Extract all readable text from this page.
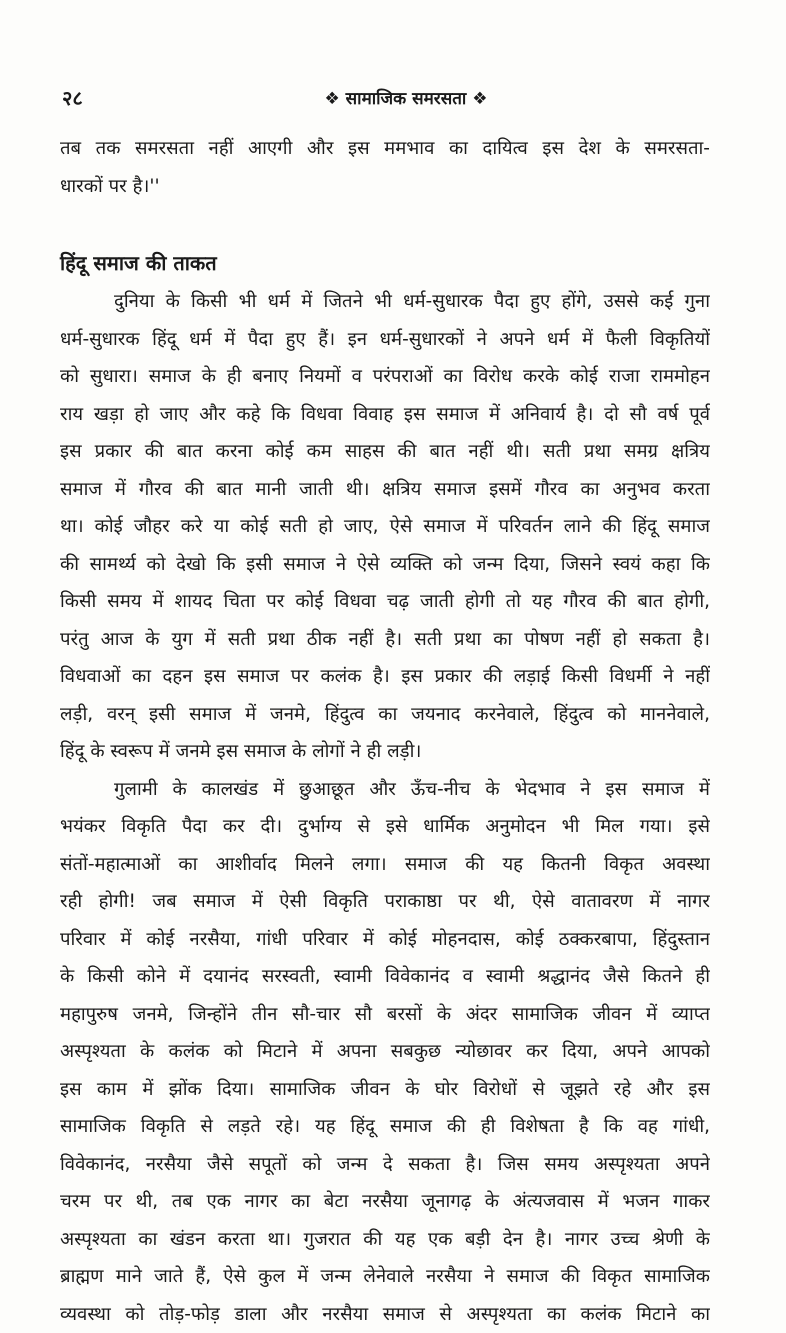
२८	❖ सामाजिक समरसता ❖
तब तक समरसता नहीं आएगी और इस ममभाव का दायित्व इस देश के समरसता-
धारकों पर है।''
हिंदू समाज की ताकत
दुनिया के किसी भी धर्म में जितने भी धर्म-सुधारक पैदा हुए होंगे, उससे कई गुना
धर्म-सुधारक हिंदू धर्म में पैदा हुए हैं। इन धर्म-सुधारकों ने अपने धर्म में फैली विकृतियों
को सुधारा। समाज के ही बनाए नियमों व परंपराओं का विरोध करके कोई राजा राममोहन
राय खड़ा हो जाए और कहे कि विधवा विवाह इस समाज में अनिवार्य है। दो सौ वर्ष पूर्व
इस प्रकार की बात करना कोई कम साहस की बात नहीं थी। सती प्रथा समग्र क्षत्रिय
समाज में गौरव की बात मानी जाती थी। क्षत्रिय समाज इसमें गौरव का अनुभव करता
था। कोई जौहर करे या कोई सती हो जाए, ऐसे समाज में परिवर्तन लाने की हिंदू समाज
की सामर्थ्य को देखो कि इसी समाज ने ऐसे व्यक्ति को जन्म दिया, जिसने स्वयं कहा कि
किसी समय में शायद चिता पर कोई विधवा चढ़ जाती होगी तो यह गौरव की बात होगी,
परंतु आज के युग में सती प्रथा ठीक नहीं है। सती प्रथा का पोषण नहीं हो सकता है।
विधवाओं का दहन इस समाज पर कलंक है। इस प्रकार की लड़ाई किसी विधर्मी ने नहीं
लड़ी, वरन् इसी समाज में जनमे, हिंदुत्व का जयनाद करनेवाले, हिंदुत्व को माननेवाले,
हिंदू के स्वरूप में जनमे इस समाज के लोगों ने ही लड़ी।
गुलामी के कालखंड में छुआछूत और ऊँच-नीच के भेदभाव ने इस समाज में
भयंकर विकृति पैदा कर दी। दुर्भाग्य से इसे धार्मिक अनुमोदन भी मिल गया। इसे
संतों-महात्माओं का आशीर्वाद मिलने लगा। समाज की यह कितनी विकृत अवस्था
रही होगी! जब समाज में ऐसी विकृति पराकाष्ठा पर थी, ऐसे वातावरण में नागर
परिवार में कोई नरसैया, गांधी परिवार में कोई मोहनदास, कोई ठक्करबापा, हिंदुस्तान
के किसी कोने में दयानंद सरस्वती, स्वामी विवेकानंद व स्वामी श्रद्धानंद जैसे कितने ही
महापुरुष जनमे, जिन्होंने तीन सौ-चार सौ बरसों के अंदर सामाजिक जीवन में व्याप्त
अस्पृश्यता के कलंक को मिटाने में अपना सबकुछ न्योछावर कर दिया, अपने आपको
इस काम में झोंक दिया। सामाजिक जीवन के घोर विरोधों से जूझते रहे और इस
सामाजिक विकृति से लड़ते रहे। यह हिंदू समाज की ही विशेषता है कि वह गांधी,
विवेकानंद, नरसैया जैसे सपूतों को जन्म दे सकता है। जिस समय अस्पृश्यता अपने
चरम पर थी, तब एक नागर का बेटा नरसैया जूनागढ़ के अंत्यजवास में भजन गाकर
अस्पृश्यता का खंडन करता था। गुजरात की यह एक बड़ी देन है। नागर उच्च श्रेणी के
ब्राह्मण माने जाते हैं, ऐसे कुल में जन्म लेनेवाले नरसैया ने समाज की विकृत सामाजिक
व्यवस्था को तोड़-फोड़ डाला और नरसैया समाज से अस्पृश्यता का कलंक मिटाने का
